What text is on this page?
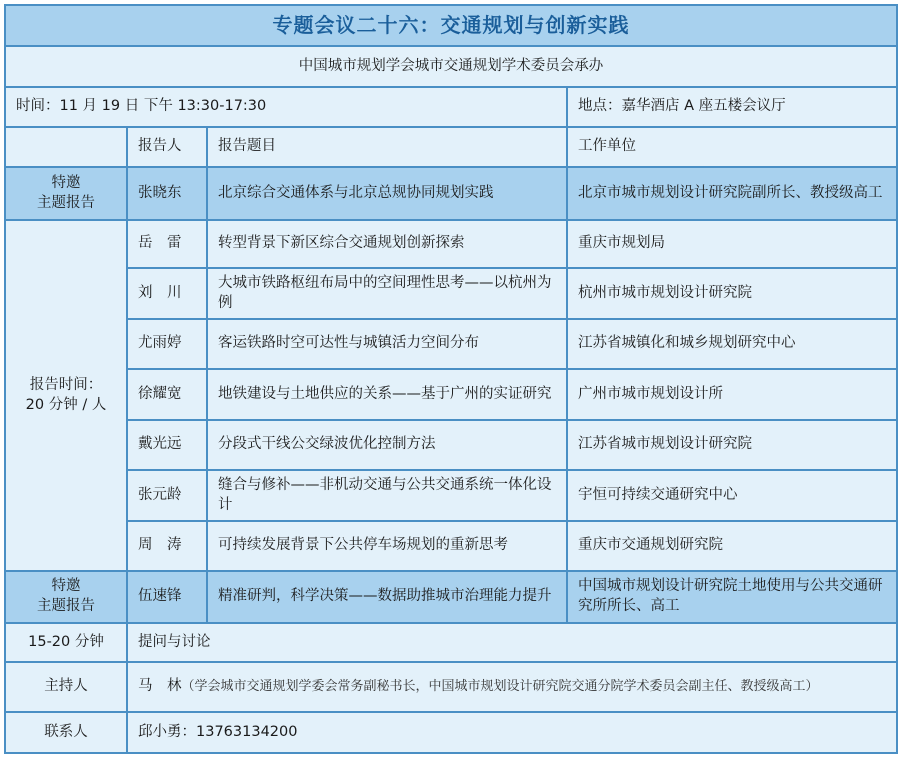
专题会议二十六：交通规划与创新实践			
中国城市规划学会城市交通规划学术委员会承办			
时间：11 月 19 日 下午 13:30-17:30			地点：嘉华酒店 A 座五楼会议厅
	报告人	报告题目	工作单位
特邀
主题报告	张晓东	北京综合交通体系与北京总规协同规划实践	北京市城市规划设计研究院副所长、教授级高工
报告时间：
20 分钟 / 人	岳　雷	转型背景下新区综合交通规划创新探索	重庆市规划局
	刘　川	大城市铁路枢纽布局中的空间理性思考——以杭州为例	杭州市城市规划设计研究院
	尤雨婷	客运铁路时空可达性与城镇活力空间分布	江苏省城镇化和城乡规划研究中心
	徐耀宽	地铁建设与土地供应的关系——基于广州的实证研究	广州市城市规划设计所
	戴光远	分段式干线公交绿波优化控制方法	江苏省城市规划设计研究院
	张元龄	缝合与修补——非机动交通与公共交通系统一体化设计	宇恒可持续交通研究中心
	周　涛	可持续发展背景下公共停车场规划的重新思考	重庆市交通规划研究院
特邀
主题报告	伍速锋	精准研判，科学决策——数据助推城市治理能力提升	中国城市规划设计研究院土地使用与公共交通研究所所长、高工
15-20 分钟	提问与讨论		
主持人	马　林（学会城市交通规划学委会常务副秘书长，中国城市规划设计研究院交通分院学术委员会副主任、教授级高工）		
联系人	邱小勇：13763134200		
